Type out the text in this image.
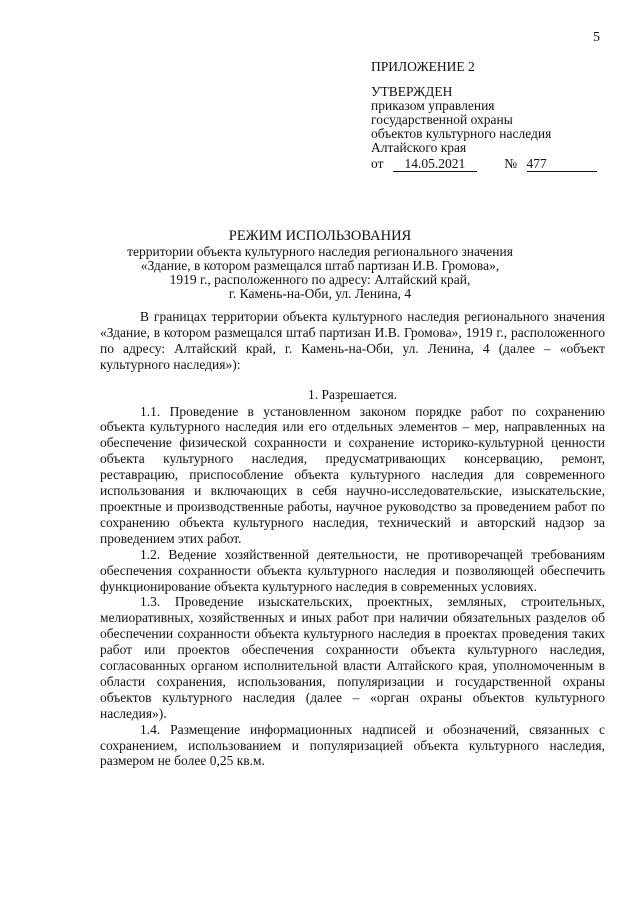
5
ПРИЛОЖЕНИЕ 2
УТВЕРЖДЕН
приказом управления
государственной охраны
объектов культурного наследия
Алтайского края
от 14.05.2021	№ 477
РЕЖИМ ИСПОЛЬЗОВАНИЯ
территории объекта культурного наследия регионального значения
«Здание, в котором размещался штаб партизан И.В. Громова»,
1919 г., расположенного по адресу: Алтайский край,
г. Камень-на-Оби, ул. Ленина, 4

В границах территории объекта культурного наследия регионального значения «Здание, в котором размещался штаб партизан И.В. Громова», 1919 г., расположенного по адресу: Алтайский край, г. Камень-на-Оби, ул. Ленина, 4 (далее – «объект культурного наследия»):

1. Разрешается.

1.1. Проведение в установленном законом порядке работ по сохранению объекта культурного наследия или его отдельных элементов – мер, направленных на обеспечение физической сохранности и сохранение историко-культурной ценности объекта культурного наследия, предусматривающих консервацию, ремонт, реставрацию, приспособление объекта культурного наследия для современного использования и включающих в себя научно-исследовательские, изыскательские, проектные и производственные работы, научное руководство за проведением работ по сохранению объекта культурного наследия, технический и авторский надзор за проведением этих работ.

1.2. Ведение хозяйственной деятельности, не противоречащей требованиям обеспечения сохранности объекта культурного наследия и позволяющей обеспечить функционирование объекта культурного наследия в современных условиях.

1.3. Проведение изыскательских, проектных, земляных, строительных, мелиоративных, хозяйственных и иных работ при наличии обязательных разделов об обеспечении сохранности объекта культурного наследия в проектах проведения таких работ или проектов обеспечения сохранности объекта культурного наследия, согласованных органом исполнительной власти Алтайского края, уполномоченным в области сохранения, использования, популяризации и государственной охраны объектов культурного наследия (далее – «орган охраны объектов культурного наследия»).

1.4. Размещение информационных надписей и обозначений, связанных с сохранением, использованием и популяризацией объекта культурного наследия, размером не более 0,25 кв.м.
